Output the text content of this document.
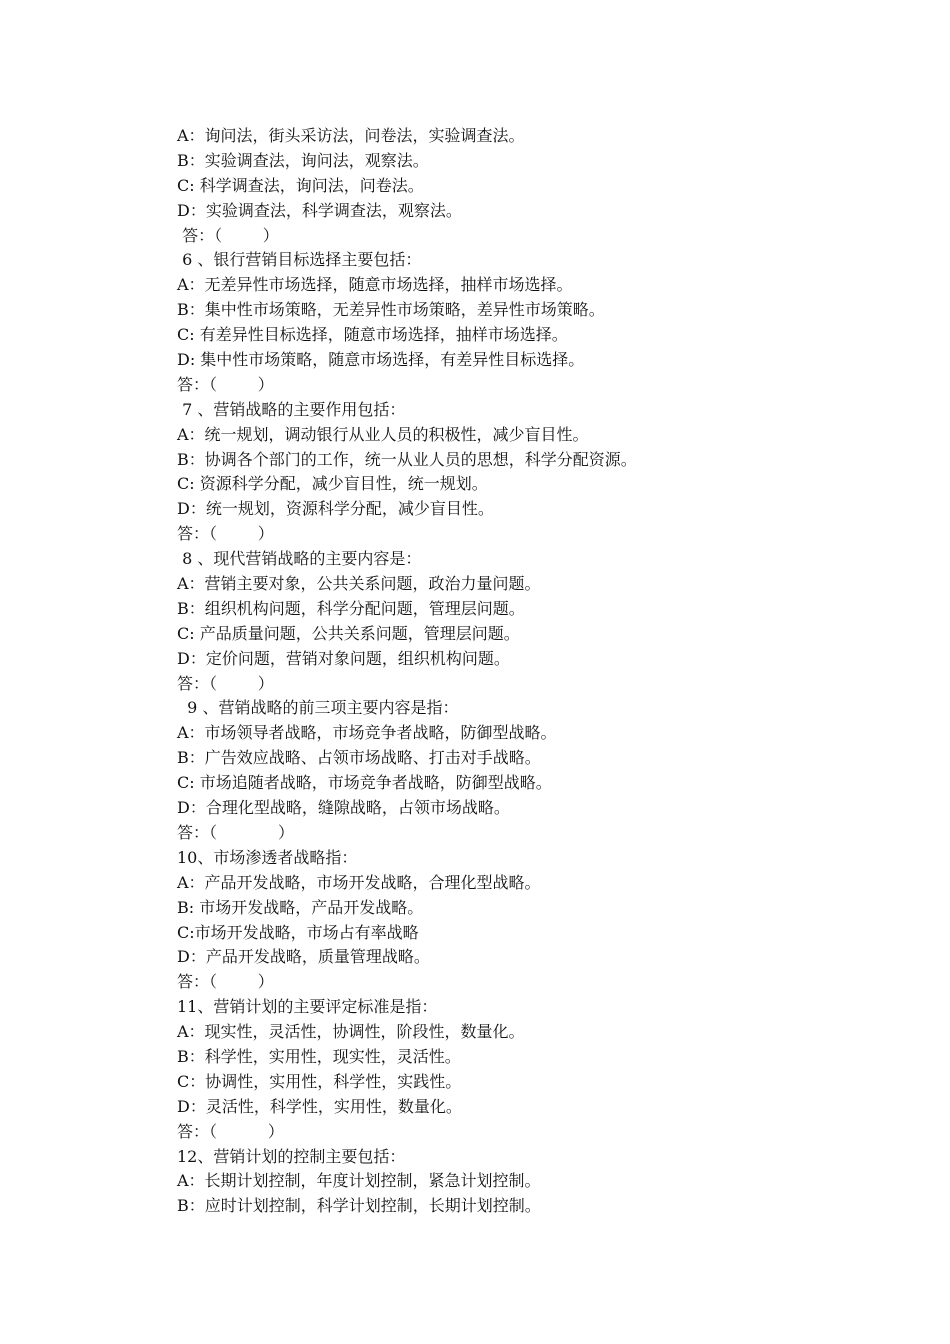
A：询问法，街头采访法，问卷法，实验调查法。
B：实验调查法，询问法，观察法。
C: 科学调查法，询问法，问卷法。
D：实验调查法，科学调查法，观察法。
答：（        ）
6 、银行营销目标选择主要包括：
A：无差异性市场选择，随意市场选择，抽样市场选择。
B：集中性市场策略，无差异性市场策略，差异性市场策略。
C: 有差异性目标选择，随意市场选择，抽样市场选择。
D: 集中性市场策略，随意市场选择，有差异性目标选择。
答：（        ）
7 、营销战略的主要作用包括：
A：统一规划，调动银行从业人员的积极性，减少盲目性。
B：协调各个部门的工作，统一从业人员的思想，科学分配资源。
C: 资源科学分配，减少盲目性，统一规划。
D：统一规划，资源科学分配，减少盲目性。
答：（        ）
8 、现代营销战略的主要内容是：
A：营销主要对象，公共关系问题，政治力量问题。
B：组织机构问题，科学分配问题，管理层问题。
C: 产品质量问题，公共关系问题，管理层问题。
D：定价问题，营销对象问题，组织机构问题。
答：（        ）
9 、营销战略的前三项主要内容是指：
A：市场领导者战略，市场竞争者战略，防御型战略。
B：广告效应战略、占领市场战略、打击对手战略。
C: 市场追随者战略，市场竞争者战略，防御型战略。
D：合理化型战略，缝隙战略，占领市场战略。
答：（            ）
10、市场渗透者战略指：
A：产品开发战略，市场开发战略，合理化型战略。
B: 市场开发战略，产品开发战略。
C:市场开发战略，市场占有率战略
D：产品开发战略，质量管理战略。
答：（        ）
11、营销计划的主要评定标准是指：
A：现实性，灵活性，协调性，阶段性，数量化。
B：科学性，实用性，现实性，灵活性。
C：协调性，实用性，科学性，实践性。
D：灵活性，科学性，实用性，数量化。
答：（          ）
12、营销计划的控制主要包括：
A：长期计划控制，年度计划控制，紧急计划控制。
B：应时计划控制，科学计划控制，长期计划控制。
